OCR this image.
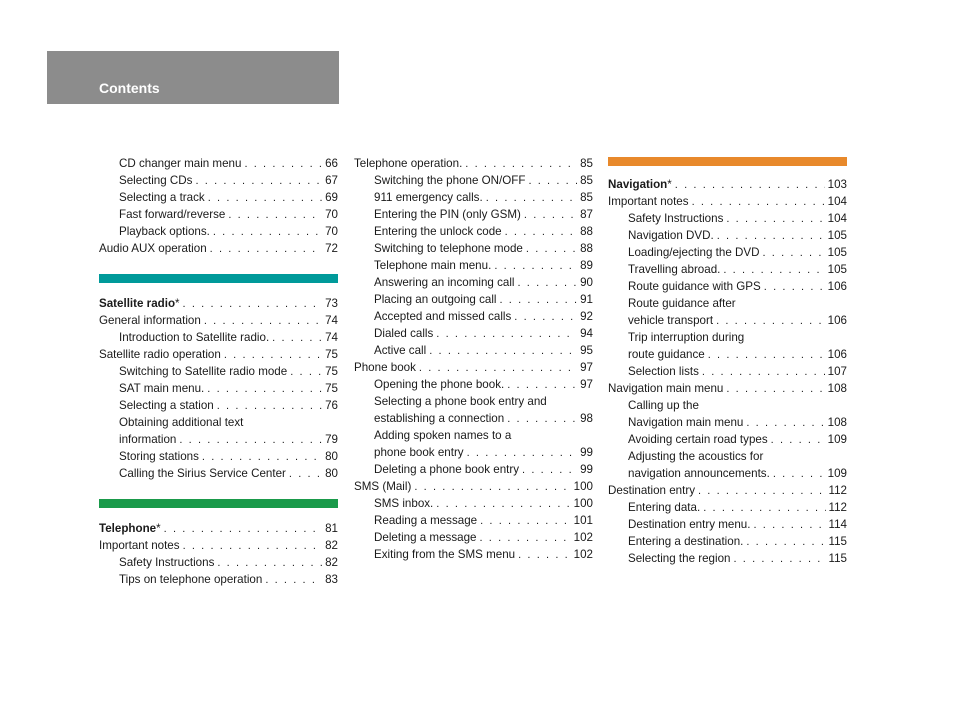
Contents
CD changer main menu . . .	66
Selecting CDs . . .	67
Selecting a track . . .	69
Fast forward/reverse . . .	70
Playback options. . . .	70
Audio AUX operation . . .	72
Satellite radio* . . .	73
General information . . .	74
Introduction to Satellite radio. . . .	74
Satellite radio operation . . .	75
Switching to Satellite radio mode . . .	75
SAT main menu. . . .	75
Selecting a station . . .	76
Obtaining additional text
information . . .	79
Storing stations . . .	80
Calling the Sirius Service Center . . .	80
Telephone* . . .	81
Important notes . . .	82
Safety Instructions . . .	82
Tips on telephone operation . . .	83
Telephone operation. . . .	85
Switching the phone ON/OFF . . .	85
911 emergency calls. . . .	85
Entering the PIN (only GSM) . . .	87
Entering the unlock code . . .	88
Switching to telephone mode . . .	88
Telephone main menu. . . .	89
Answering an incoming call . . .	90
Placing an outgoing call . . .	91
Accepted and missed calls . . .	92
Dialed calls . . .	94
Active call . . .	95
Phone book . . .	97
Opening the phone book. . . .	97
Selecting a phone book entry and
establishing a connection . . .	98
Adding spoken names to a
phone book entry . . .	99
Deleting a phone book entry . . .	99
SMS (Mail) . . .	100
SMS inbox. . . .	100
Reading a message . . .	101
Deleting a message . . .	102
Exiting from the SMS menu . . .	102
Navigation* . . .	103
Important notes . . .	104
Safety Instructions . . .	104
Navigation DVD. . . .	105
Loading/ejecting the DVD . . .	105
Travelling abroad. . . .	105
Route guidance with GPS . . .	106
Route guidance after
vehicle transport . . .	106
Trip interruption during
route guidance . . .	106
Selection lists . . .	107
Navigation main menu . . .	108
Calling up the
Navigation main menu . . .	108
Avoiding certain road types . . .	109
Adjusting the acoustics for
navigation announcements. . . .	109
Destination entry . . .	112
Entering data. . . .	112
Destination entry menu. . . .	114
Entering a destination. . . .	115
Selecting the region . . .	115
